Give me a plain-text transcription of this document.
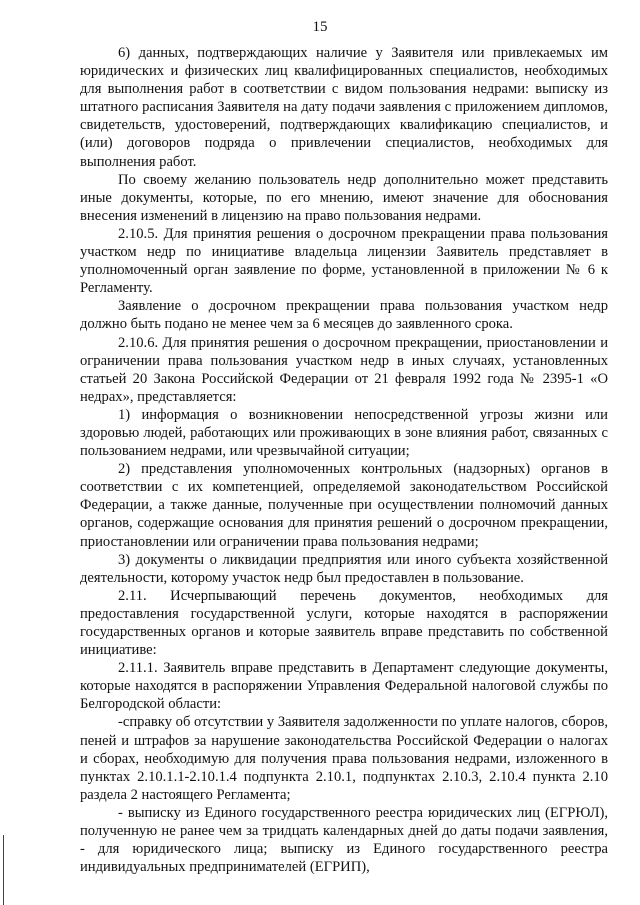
15

6) данных, подтверждающих наличие у Заявителя или привлекаемых им юридических и физических лиц квалифицированных специалистов, необходимых для выполнения работ в соответствии с видом пользования недрами: выписку из штатного расписания Заявителя на дату подачи заявления с приложением дипломов, свидетельств, удостоверений, подтверждающих квалификацию специалистов, и (или) договоров подряда о привлечении специалистов, необходимых для выполнения работ.

По своему желанию пользователь недр дополнительно может представить иные документы, которые, по его мнению, имеют значение для обоснования внесения изменений в лицензию на право пользования недрами.

2.10.5. Для принятия решения о досрочном прекращении права пользования участком недр по инициативе владельца лицензии Заявитель представляет в уполномоченный орган заявление по форме, установленной в приложении № 6 к Регламенту.

Заявление о досрочном прекращении права пользования участком недр должно быть подано не менее чем за 6 месяцев до заявленного срока.

2.10.6. Для принятия решения о досрочном прекращении, приостановлении и ограничении права пользования участком недр в иных случаях, установленных статьей 20 Закона Российской Федерации от 21 февраля 1992 года № 2395-1 «О недрах», представляется:

1) информация о возникновении непосредственной угрозы жизни или здоровью людей, работающих или проживающих в зоне влияния работ, связанных с пользованием недрами, или чрезвычайной ситуации;

2) представления уполномоченных контрольных (надзорных) органов в соответствии с их компетенцией, определяемой законодательством Российской Федерации, а также данные, полученные при осуществлении полномочий данных органов, содержащие основания для принятия решений о досрочном прекращении, приостановлении или ограничении права пользования недрами;

3) документы о ликвидации предприятия или иного субъекта хозяйственной деятельности, которому участок недр был предоставлен в пользование.

2.11. Исчерпывающий перечень документов, необходимых для предоставления государственной услуги, которые находятся в распоряжении государственных органов и которые заявитель вправе представить по собственной инициативе:

2.11.1. Заявитель вправе представить в Департамент следующие документы, которые находятся в распоряжении Управления Федеральной налоговой службы по Белгородской области:

-справку об отсутствии у Заявителя задолженности по уплате налогов, сборов, пеней и штрафов за нарушение законодательства Российской Федерации о налогах и сборах, необходимую для получения права пользования недрами, изложенного в пунктах 2.10.1.1-2.10.1.4 подпункта 2.10.1, подпунктах 2.10.3, 2.10.4 пункта 2.10 раздела 2 настоящего Регламента;

- выписку из Единого государственного реестра юридических лиц (ЕГРЮЛ), полученную не ранее чем за тридцать календарных дней до даты подачи заявления, - для юридического лица; выписку из Единого государственного реестра индивидуальных предпринимателей (ЕГРИП),
